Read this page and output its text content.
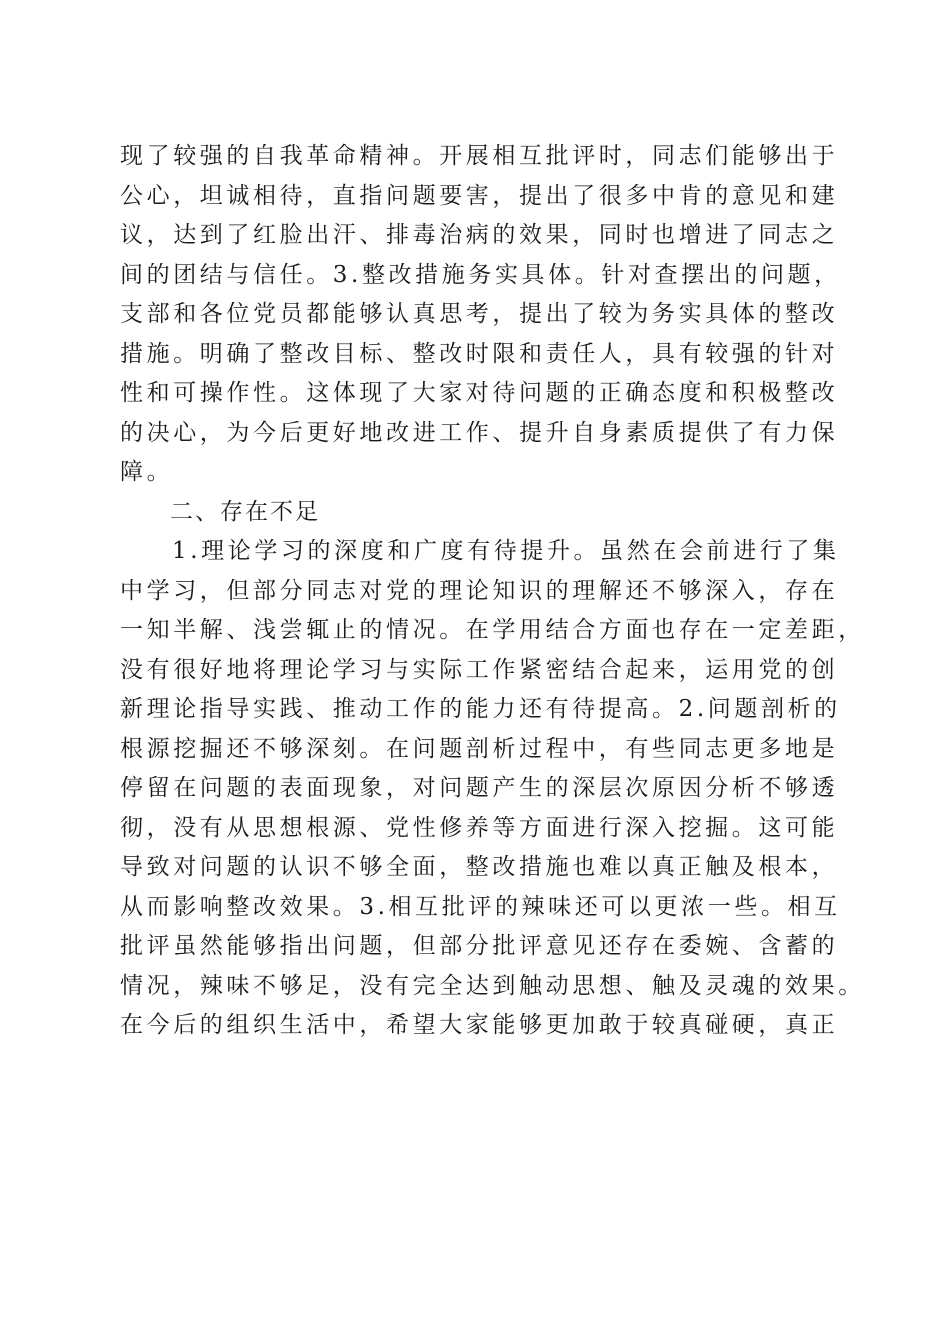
现了较强的自我革命精神。开展相互批评时，同志们能够出于
公心，坦诚相待，直指问题要害，提出了很多中肯的意见和建
议，达到了红脸出汗、排毒治病的效果，同时也增进了同志之
间的团结与信任。3.整改措施务实具体。针对查摆出的问题，
支部和各位党员都能够认真思考，提出了较为务实具体的整改
措施。明确了整改目标、整改时限和责任人，具有较强的针对
性和可操作性。这体现了大家对待问题的正确态度和积极整改
的决心，为今后更好地改进工作、提升自身素质提供了有力保
障。
二、存在不足
1.理论学习的深度和广度有待提升。虽然在会前进行了集
中学习，但部分同志对党的理论知识的理解还不够深入，存在
一知半解、浅尝辄止的情况。在学用结合方面也存在一定差距，
没有很好地将理论学习与实际工作紧密结合起来，运用党的创
新理论指导实践、推动工作的能力还有待提高。2.问题剖析的
根源挖掘还不够深刻。在问题剖析过程中，有些同志更多地是
停留在问题的表面现象，对问题产生的深层次原因分析不够透
彻，没有从思想根源、党性修养等方面进行深入挖掘。这可能
导致对问题的认识不够全面，整改措施也难以真正触及根本，
从而影响整改效果。3.相互批评的辣味还可以更浓一些。相互
批评虽然能够指出问题，但部分批评意见还存在委婉、含蓄的
情况，辣味不够足，没有完全达到触动思想、触及灵魂的效果。
在今后的组织生活中，希望大家能够更加敢于较真碰硬，真正
